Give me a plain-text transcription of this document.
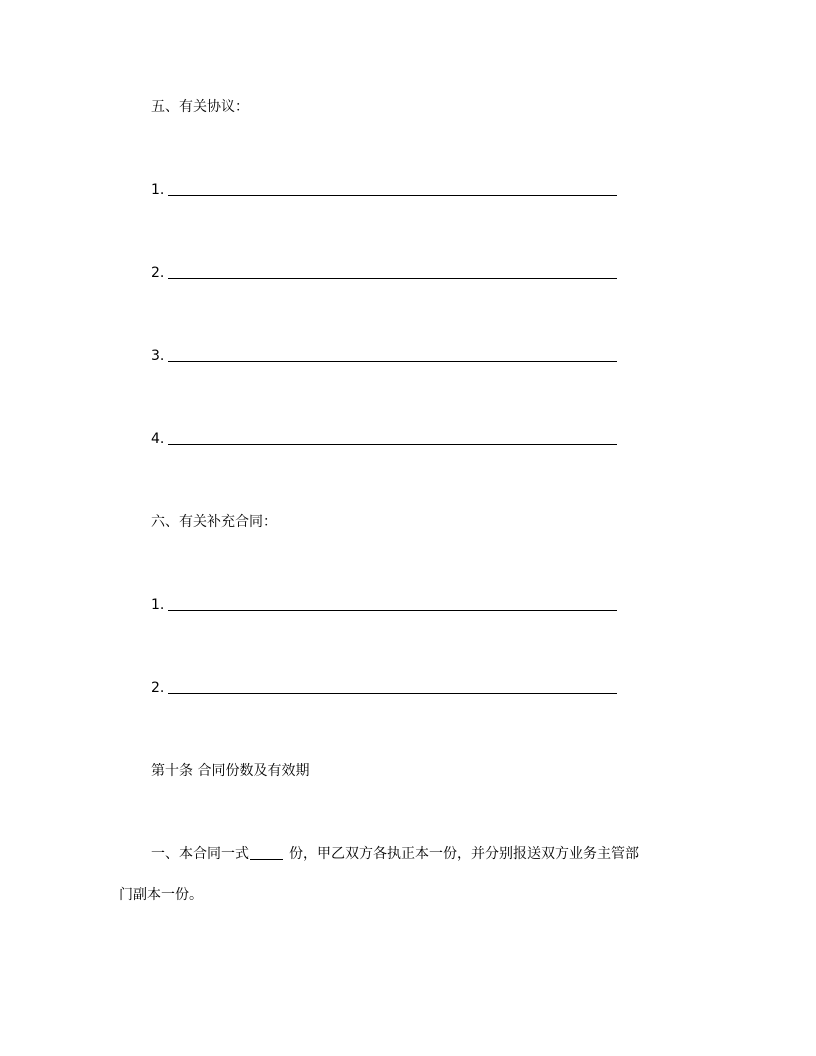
五、有关协议：
1.
2.
3.
4.
六、有关补充合同：
1.
2.
第十条 合同份数及有效期
一、本合同一式	份，甲乙双方各执正本一份，并分别报送双方业务主管部
门副本一份。
